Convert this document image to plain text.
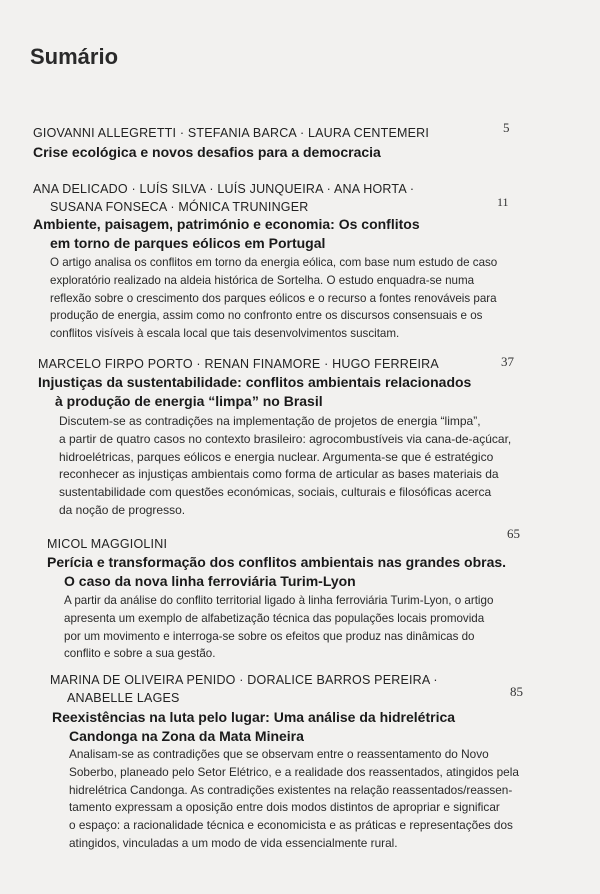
Sumário
GIOVANNI ALLEGRETTI · STEFANIA BARCA · LAURA CENTEMERI
Crise ecológica e novos desafios para a democracia
5
ANA DELICADO · LUÍS SILVA · LUÍS JUNQUEIRA · ANA HORTA ·
SUSANA FONSECA · MÓNICA TRUNINGER
Ambiente, paisagem, património e economia: Os conflitos
em torno de parques eólicos em Portugal
11
O artigo analisa os conflitos em torno da energia eólica, com base num estudo de caso
exploratório realizado na aldeia histórica de Sortelha. O estudo enquadra-se numa
reflexão sobre o crescimento dos parques eólicos e o recurso a fontes renováveis para
produção de energia, assim como no confronto entre os discursos consensuais e os
conflitos visíveis à escala local que tais desenvolvimentos suscitam.
MARCELO FIRPO PORTO · RENAN FINAMORE · HUGO FERREIRA
Injustiças da sustentabilidade: conflitos ambientais relacionados
à produção de energia “limpa” no Brasil
37
Discutem-se as contradições na implementação de projetos de energia “limpa”,
a partir de quatro casos no contexto brasileiro: agrocombustíveis via cana-de-açúcar,
hidroelétricas, parques eólicos e energia nuclear. Argumenta-se que é estratégico
reconhecer as injustiças ambientais como forma de articular as bases materiais da
sustentabilidade com questões económicas, sociais, culturais e filosóficas acerca
da noção de progresso.
MICOL MAGGIOLINI
Perícia e transformação dos conflitos ambientais nas grandes obras.
O caso da nova linha ferroviária Turim-Lyon
65
A partir da análise do conflito territorial ligado à linha ferroviária Turim-Lyon, o artigo
apresenta um exemplo de alfabetização técnica das populações locais promovida
por um movimento e interroga-se sobre os efeitos que produz nas dinâmicas do
conflito e sobre a sua gestão.
MARINA DE OLIVEIRA PENIDO · DORALICE BARROS PEREIRA ·
ANABELLE LAGES
Reexistências na luta pelo lugar: Uma análise da hidrelétrica
Candonga na Zona da Mata Mineira
85
Analisam-se as contradições que se observam entre o reassentamento do Novo
Soberbo, planeado pelo Setor Elétrico, e a realidade dos reassentados, atingidos pela
hidrelétrica Candonga. As contradições existentes na relação reassentados/reassen-
tamento expressam a oposição entre dois modos distintos de apropriar e significar
o espaço: a racionalidade técnica e economicista e as práticas e representações dos
atingidos, vinculadas a um modo de vida essencialmente rural.
